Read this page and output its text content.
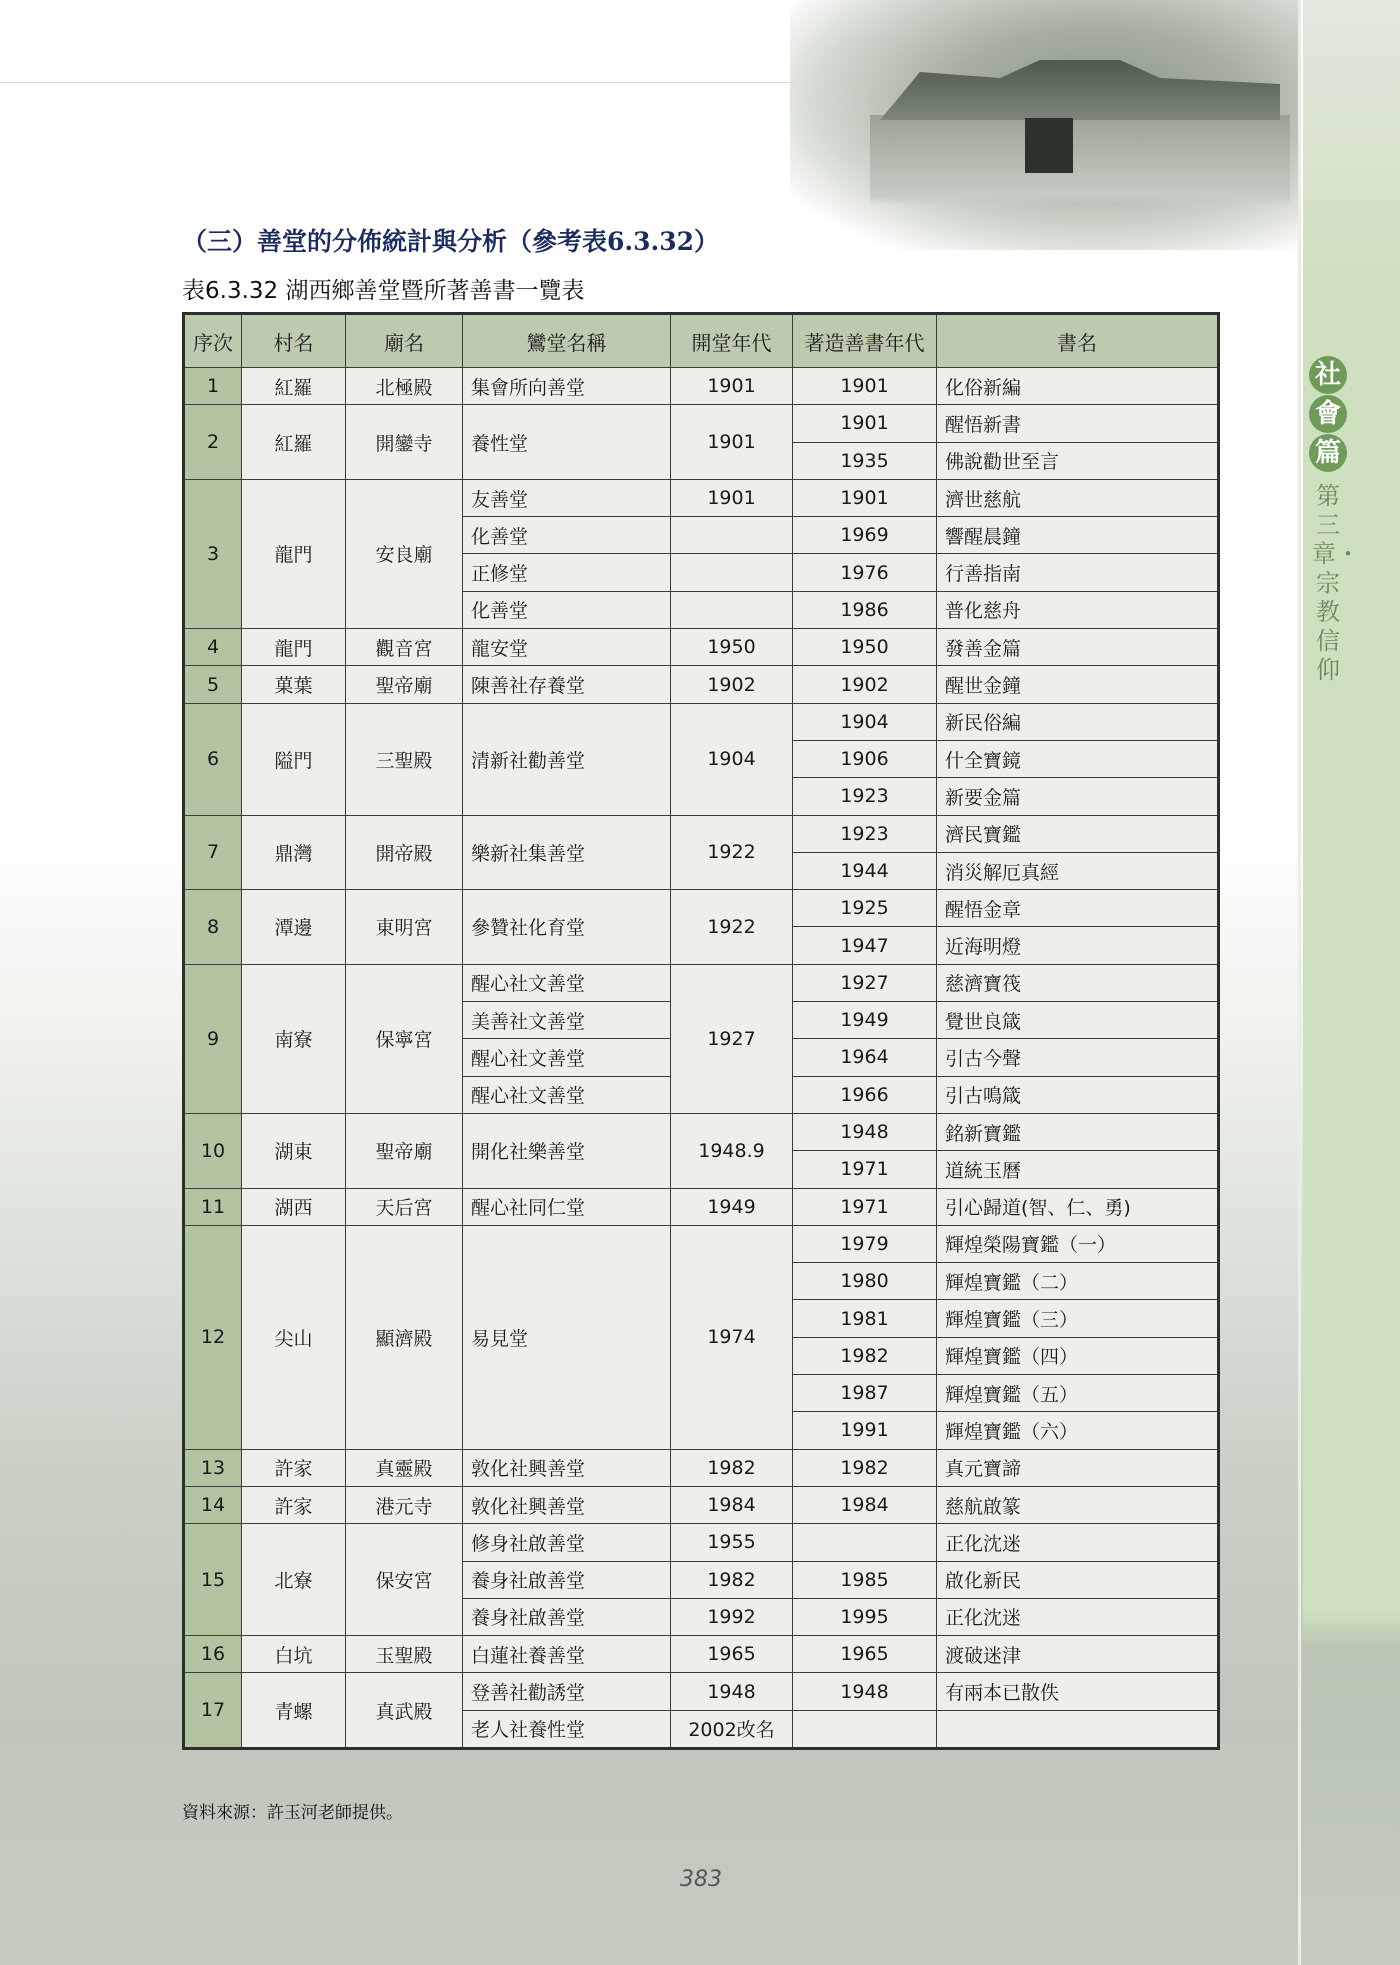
社
會
篇
第三章・宗教信仰
（三）善堂的分佈統計與分析（參考表6.3.32）
表6.3.32 湖西鄉善堂暨所著善書一覽表
序次	村名	廟名	鸞堂名稱	開堂年代	著造善書年代	書名
1	紅羅	北極殿	集會所向善堂	1901	1901	化俗新編
2	紅羅	開鑾寺	養性堂	1901	1901	醒悟新書
					1935	佛說勸世至言
3	龍門	安良廟	友善堂	1901	1901	濟世慈航
			化善堂		1969	響醒晨鐘
			正修堂		1976	行善指南
			化善堂		1986	普化慈舟
4	龍門	觀音宮	龍安堂	1950	1950	發善金篇
5	菓葉	聖帝廟	陳善社存養堂	1902	1902	醒世金鐘
6	隘門	三聖殿	清新社勸善堂	1904	1904	新民俗編
					1906	什全寶鏡
					1923	新要金篇
7	鼎灣	開帝殿	樂新社集善堂	1922	1923	濟民寶鑑
					1944	消災解厄真經
8	潭邊	東明宮	參贊社化育堂	1922	1925	醒悟金章
					1947	近海明燈
9	南寮	保寧宮	醒心社文善堂	1927	1927	慈濟寶筏
			美善社文善堂		1949	覺世良箴
			醒心社文善堂		1964	引古今聲
			醒心社文善堂		1966	引古鳴箴
10	湖東	聖帝廟	開化社樂善堂	1948.9	1948	銘新寶鑑
					1971	道統玉曆
11	湖西	天后宮	醒心社同仁堂	1949	1971	引心歸道(智、仁、勇)
12	尖山	顯濟殿	易見堂	1974	1979	輝煌榮陽寶鑑（一）
					1980	輝煌寶鑑（二）
					1981	輝煌寶鑑（三）
					1982	輝煌寶鑑（四）
					1987	輝煌寶鑑（五）
					1991	輝煌寶鑑（六）
13	許家	真靈殿	敦化社興善堂	1982	1982	真元寶諦
14	許家	港元寺	敦化社興善堂	1984	1984	慈航啟篆
15	北寮	保安宮	修身社啟善堂	1955		正化沈迷
			養身社啟善堂	1982	1985	啟化新民
			養身社啟善堂	1992	1995	正化沈迷
16	白坑	玉聖殿	白蓮社養善堂	1965	1965	渡破迷津
17	青螺	真武殿	登善社勸誘堂	1948	1948	有兩本已散佚
			老人社養性堂	2002改名		
資料來源：許玉河老師提供。
383
